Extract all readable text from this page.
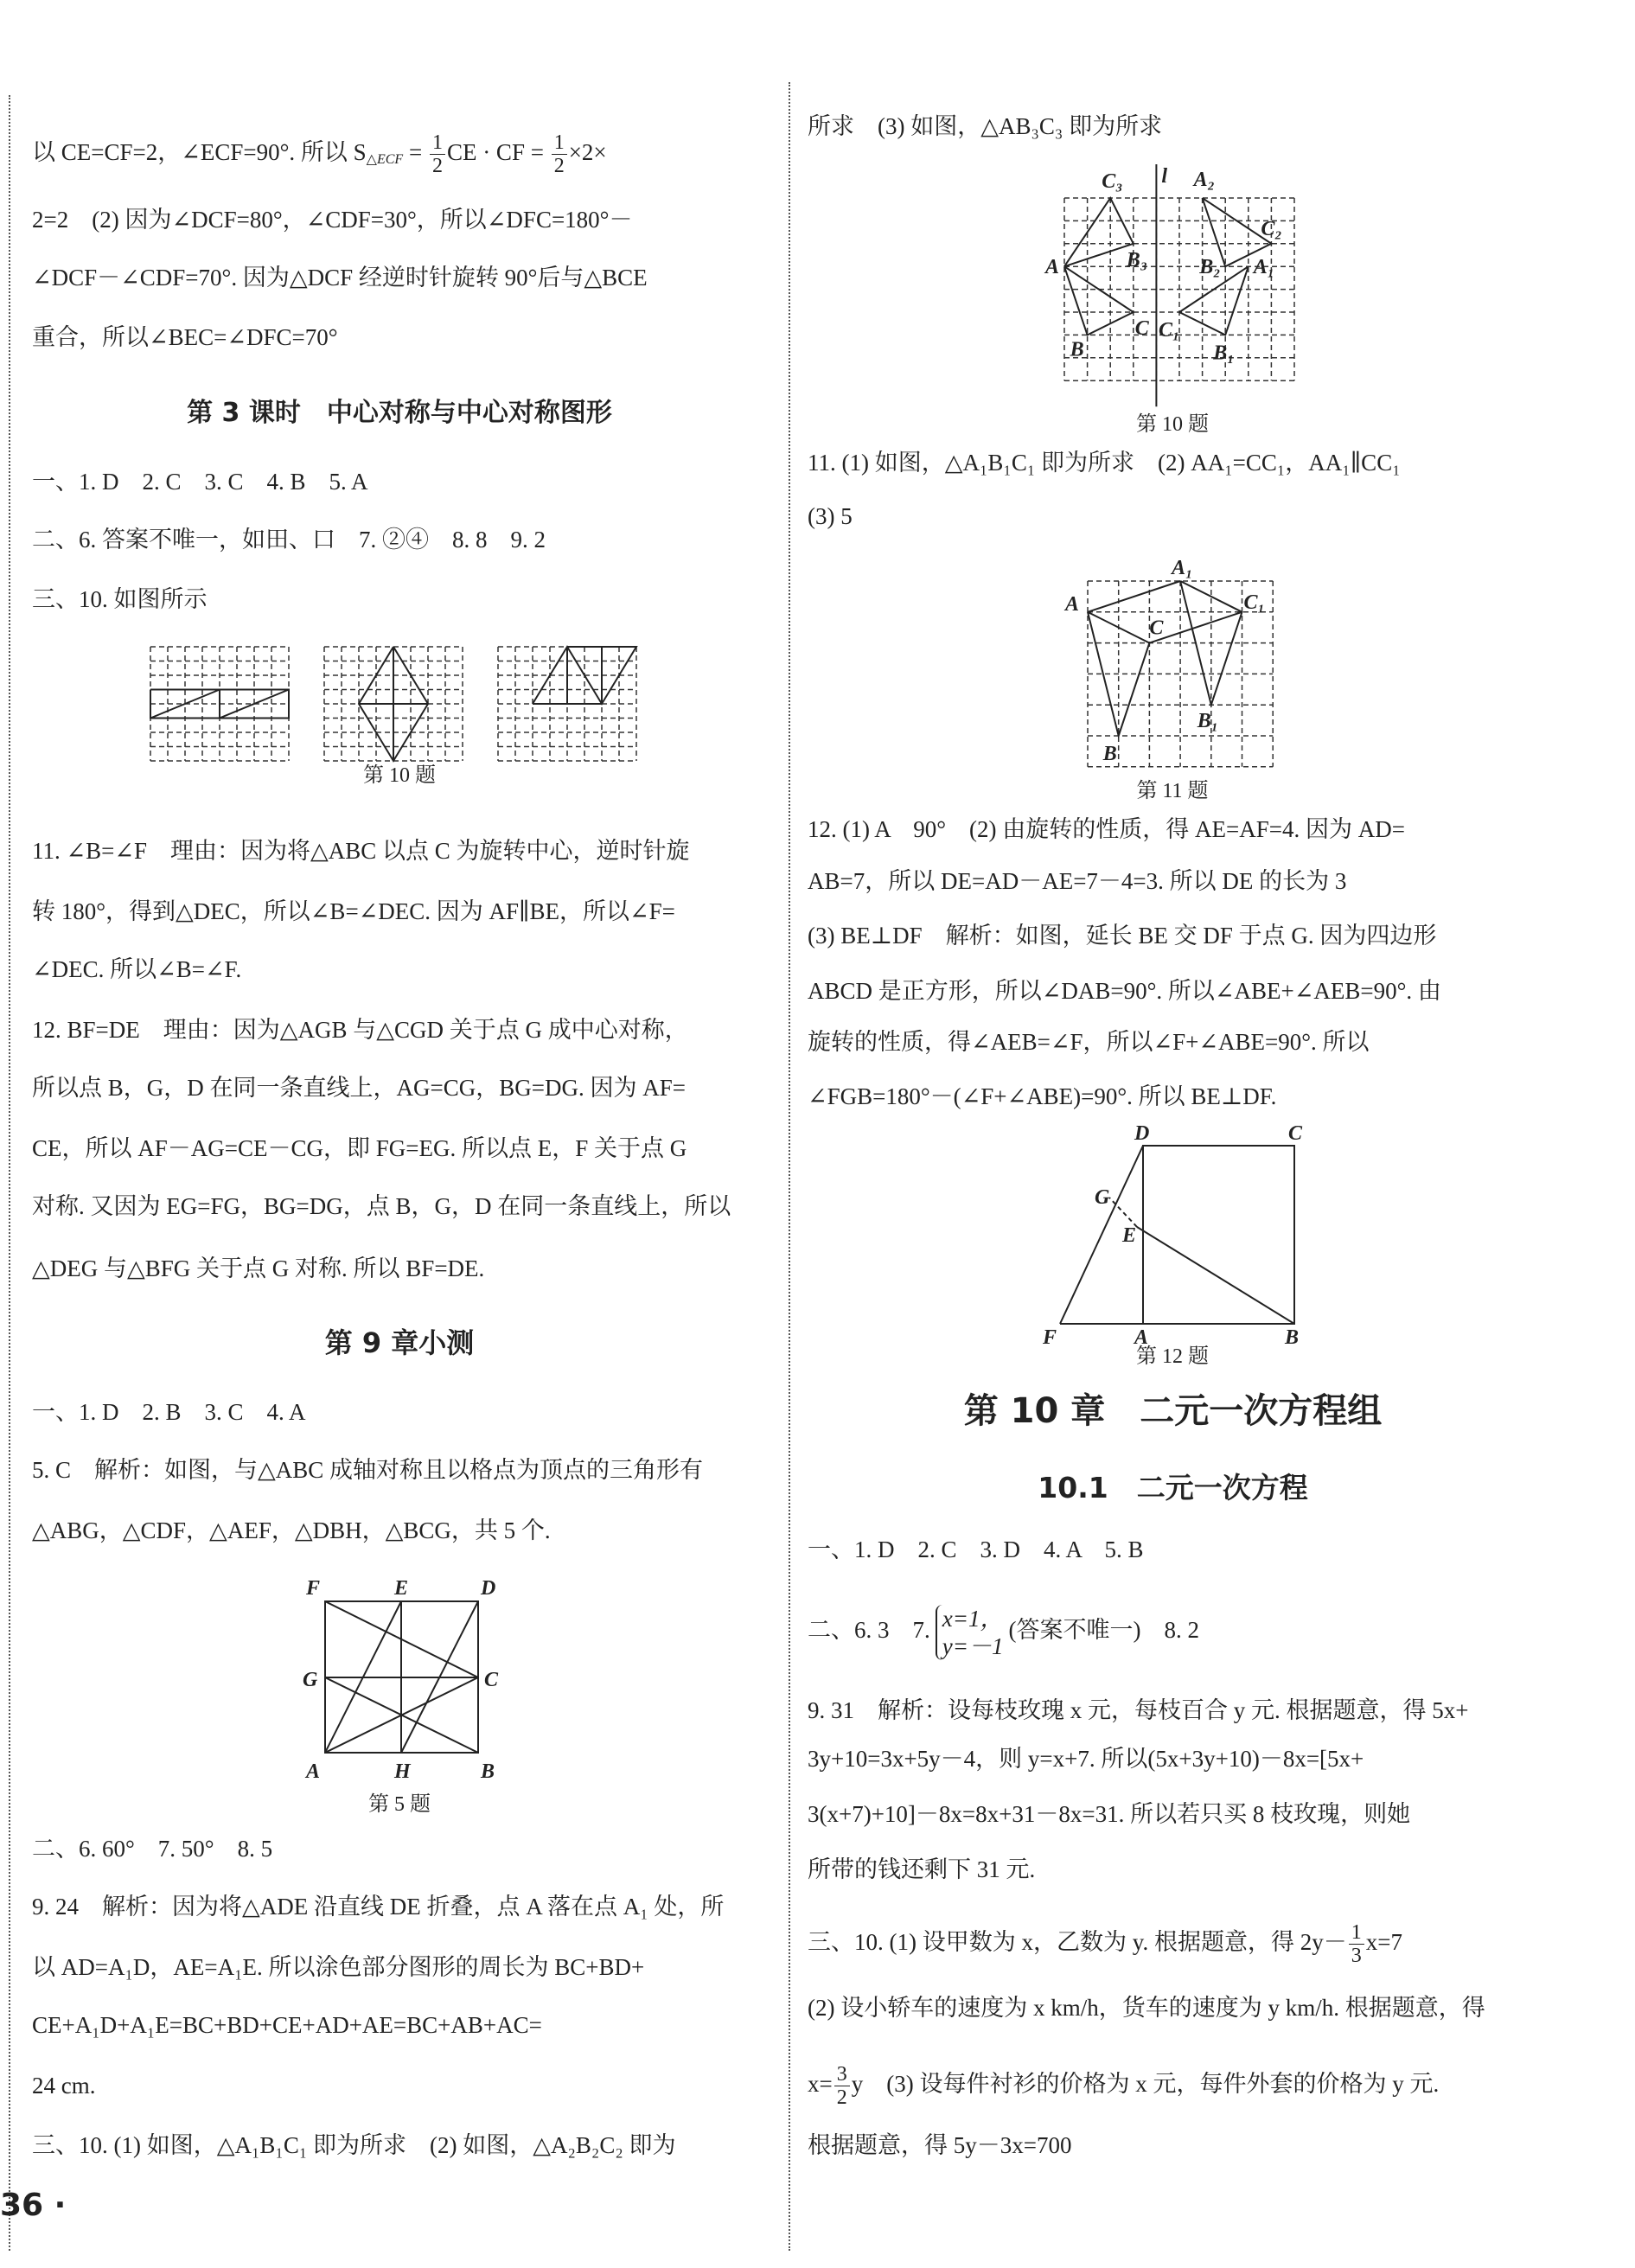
以 CE=CF=2，∠ECF=90°. 所以 $S_{\triangle ECF} = \frac{1}{2}$ CE · CF = $\frac{1}{2} \times 2\times$
2=2　(2) 因为∠DCF=80°，∠CDF=30°，所以∠DFC=180°－
∠DCF－∠CDF=70°. 因为△DCF 经逆时针旋转 90°后与△BCE
重合，所以∠BEC=∠DFC=70°
第 3 课时　中心对称与中心对称图形
一、1. D　2. C　3. C　4. B　5. A
二、6. 答案不唯一，如田、口　7. ②④　8. 8　9. 2
三、10. 如图所示
第 10 题
11. ∠B=∠F　理由：因为将△ABC 以点 C 为旋转中心，逆时针旋
转 180°，得到△DEC，所以∠B=∠DEC. 因为 AF∥BE，所以∠F=
∠DEC. 所以∠B=∠F.
12. BF=DE　理由：因为△AGB 与△CGD 关于点 G 成中心对称，
所以点 B，G，D 在同一条直线上，AG=CG，BG=DG. 因为 AF=
CE，所以 AF－AG=CE－CG，即 FG=EG. 所以点 E，F 关于点 G
对称. 又因为 EG=FG，BG=DG，点 B，G，D 在同一条直线上，所以
△DEG 与△BFG 关于点 G 对称. 所以 BF=DE.
第 9 章小测
一、1. D　2. B　3. C　4. A
5. C　解析：如图，与△ABC 成轴对称且以格点为顶点的三角形有
△ABG，△CDF，△AEF，△DBH，△BCG，共 5 个.
F	E	D
G	C
A	H	B
第 5 题
二、6. 60°　7. 50°　8. 5
9. 24　解析：因为将△ADE 沿直线 DE 折叠，点 A 落在点 A₁ 处，所
以 AD=A₁D，AE=A₁E. 所以涂色部分图形的周长为 BC+BD+
CE+A₁D+A₁E=BC+BD+CE+AD+AE=BC+AB+AC=
24 cm.
三、10. (1) 如图，△A₁B₁C₁ 即为所求　(2) 如图，△A₂B₂C₂ 即为
36 ·
所求　(3) 如图，△AB₃C₃ 即为所求
C₃ l A₂
C₂
A	B₃	B₂ A₁
C C₁
B	B₁
第 10 题
11. (1) 如图，△A₁B₁C₁ 即为所求　(2) AA₁=CC₁，AA₁∥CC₁
(3) 5
A₁
A	C₁
C
B₁
B
第 11 题
12. (1) A　90°　(2) 由旋转的性质，得 AE=AF=4. 因为 AD=
AB=7，所以 DE=AD－AE=7－4=3. 所以 DE 的长为 3
(3) BE⊥DF　解析：如图，延长 BE 交 DF 于点 G. 因为四边形
ABCD 是正方形，所以∠DAB=90°. 所以∠ABE+∠AEB=90°. 由
旋转的性质，得∠AEB=∠F，所以∠F+∠ABE=90°. 所以
∠FGB=180°－(∠F+∠ABE)=90°. 所以 BE⊥DF.
D	C
G
E
F	A	B
第 12 题
第 10 章　二元一次方程组
10.1　二元一次方程
一、1. D　2. C　3. D　4. A　5. B
二、6. 3　7. x=1，
y=－1
(答案不唯一)　8. 2
9. 31　解析：设每枝玫瑰 x 元，每枝百合 y 元. 根据题意，得 5x+
3y+10=3x+5y－4，则 y=x+7. 所以(5x+3y+10)－8x=[5x+
3(x+7)+10]－8x=8x+31－8x=31. 所以若只买 8 枝玫瑰，则她
所带的钱还剩下 31 元.
三、10. (1) 设甲数为 x，乙数为 y. 根据题意，得 $2y- \frac{1}{3} x=7$
(2) 设小轿车的速度为 x km/h，货车的速度为 y km/h. 根据题意，得
$x= \frac{3}{2}$ y　(3) 设每件衬衫的价格为 x 元，每件外套的价格为 y 元.
根据题意，得 5y－3x=700
